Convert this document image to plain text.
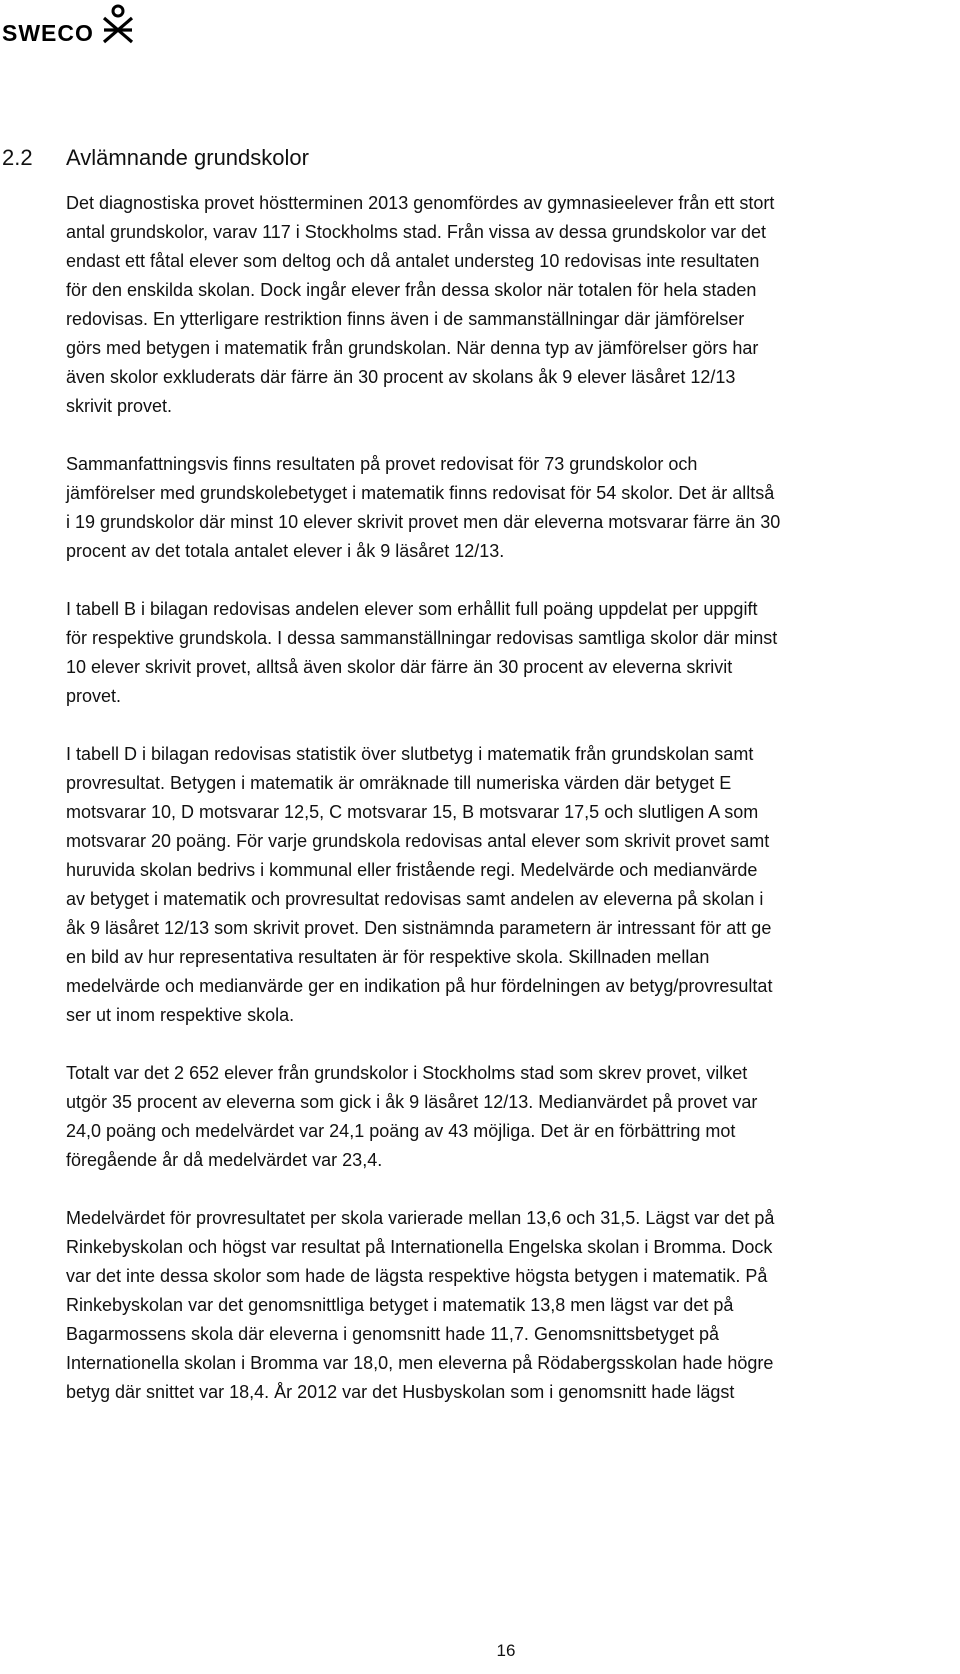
SWECO
2.2 Avlämnande grundskolor
Det diagnostiska provet höstterminen 2013 genomfördes av gymnasieelever från ett stort
antal grundskolor, varav 117 i Stockholms stad. Från vissa av dessa grundskolor var det
endast ett fåtal elever som deltog och då antalet understeg 10 redovisas inte resultaten
för den enskilda skolan. Dock ingår elever från dessa skolor när totalen för hela staden
redovisas. En ytterligare restriktion finns även i de sammanställningar där jämförelser
görs med betygen i matematik från grundskolan. När denna typ av jämförelser görs har
även skolor exkluderats där färre än 30 procent av skolans åk 9 elever läsåret 12/13
skrivit provet.
Sammanfattningsvis finns resultaten på provet redovisat för 73 grundskolor och
jämförelser med grundskolebetyget i matematik finns redovisat för 54 skolor. Det är alltså
i 19 grundskolor där minst 10 elever skrivit provet men där eleverna motsvarar färre än 30
procent av det totala antalet elever i åk 9 läsåret 12/13.
I tabell B i bilagan redovisas andelen elever som erhållit full poäng uppdelat per uppgift
för respektive grundskola. I dessa sammanställningar redovisas samtliga skolor där minst
10 elever skrivit provet, alltså även skolor där färre än 30 procent av eleverna skrivit
provet.
I tabell D i bilagan redovisas statistik över slutbetyg i matematik från grundskolan samt
provresultat. Betygen i matematik är omräknade till numeriska värden där betyget E
motsvarar 10, D motsvarar 12,5, C motsvarar 15, B motsvarar 17,5 och slutligen A som
motsvarar 20 poäng. För varje grundskola redovisas antal elever som skrivit provet samt
huruvida skolan bedrivs i kommunal eller fristående regi. Medelvärde och medianvärde
av betyget i matematik och provresultat redovisas samt andelen av eleverna på skolan i
åk 9 läsåret 12/13 som skrivit provet. Den sistnämnda parametern är intressant för att ge
en bild av hur representativa resultaten är för respektive skola. Skillnaden mellan
medelvärde och medianvärde ger en indikation på hur fördelningen av betyg/provresultat
ser ut inom respektive skola.
Totalt var det 2 652 elever från grundskolor i Stockholms stad som skrev provet, vilket
utgör 35 procent av eleverna som gick i åk 9 läsåret 12/13. Medianvärdet på provet var
24,0 poäng och medelvärdet var 24,1 poäng av 43 möjliga. Det är en förbättring mot
föregående år då medelvärdet var 23,4.
Medelvärdet för provresultatet per skola varierade mellan 13,6 och 31,5. Lägst var det på
Rinkebyskolan och högst var resultat på Internationella Engelska skolan i Bromma. Dock
var det inte dessa skolor som hade de lägsta respektive högsta betygen i matematik. På
Rinkebyskolan var det genomsnittliga betyget i matematik 13,8 men lägst var det på
Bagarmossens skola där eleverna i genomsnitt hade 11,7. Genomsnittsbetyget på
Internationella skolan i Bromma var 18,0, men eleverna på Rödabergsskolan hade högre
betyg där snittet var 18,4. År 2012 var det Husbyskolan som i genomsnitt hade lägst
16
